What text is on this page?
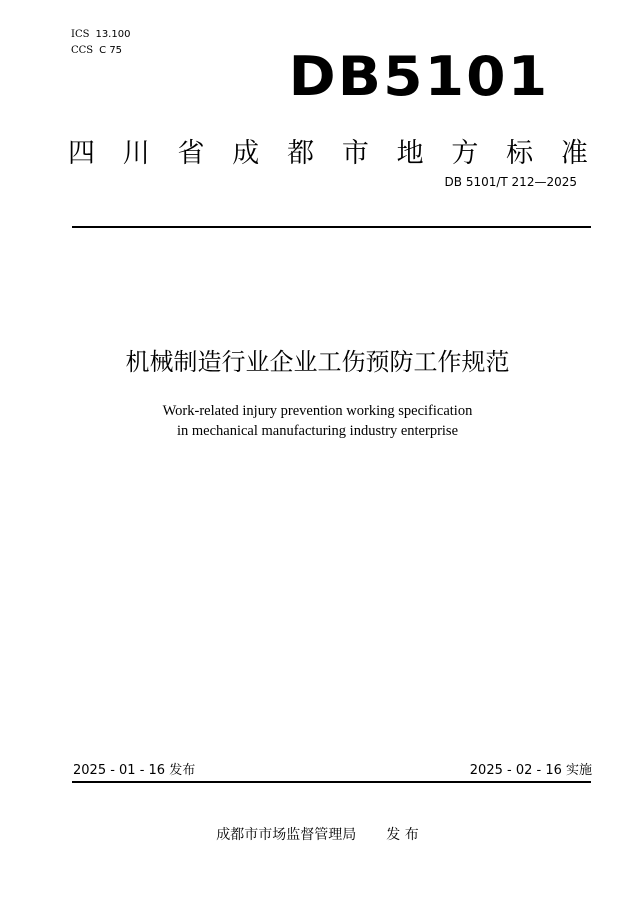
ICS 13.100
CCS C 75	DB5101
四 川 省 成 都 市 地 方 标 准
DB 5101/T 212—2025
机械制造行业企业工伤预防工作规范
Work-related injury prevention working specification
in mechanical manufacturing industry enterprise
2025 - 01 - 16 发布	2025 - 02 - 16 实施
成都市市场监督管理局 发 布
